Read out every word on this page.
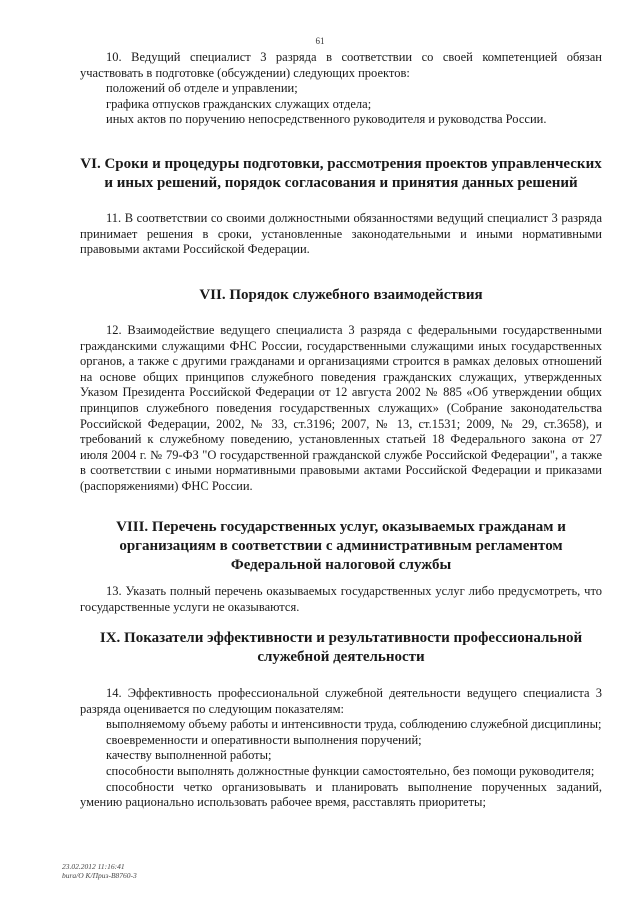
61

10. Ведущий специалист 3 разряда в соответствии со своей компетенцией обязан участвовать в подготовке (обсуждении) следующих проектов:

положений об отделе и управлении;

графика отпусков гражданских служащих отдела;

иных актов по поручению непосредственного руководителя и руководства России.

VI. Сроки и процедуры подготовки, рассмотрения проектов управленческих и иных решений, порядок согласования и принятия данных решений

11. В соответствии со своими должностными обязанностями ведущий специалист 3 разряда принимает решения в сроки, установленные законодательными и иными нормативными правовыми актами Российской Федерации.

VII. Порядок служебного взаимодействия

12. Взаимодействие ведущего специалиста 3 разряда с федеральными государственными гражданскими служащими ФНС России, государственными служащими иных государственных органов, а также с другими гражданами и организациями строится в рамках деловых отношений на основе общих принципов служебного поведения гражданских служащих, утвержденных Указом Президента Российской Федерации от 12 августа 2002 № 885 «Об утверждении общих принципов служебного поведения государственных служащих» (Собрание законодательства Российской Федерации, 2002, № 33, ст.3196; 2007, № 13, ст.1531; 2009, № 29, ст.3658), и требований к служебному поведению, установленных статьей 18 Федерального закона от 27 июля 2004 г. № 79-ФЗ "О государственной гражданской службе Российской Федерации", а также в соответствии с иными нормативными правовыми актами Российской Федерации и приказами (распоряжениями) ФНС России.

VIII. Перечень государственных услуг, оказываемых гражданам и
организациям в соответствии с административным регламентом
Федеральной налоговой службы

13. Указать полный перечень оказываемых государственных услуг либо предусмотреть, что государственные услуги не оказываются.

IX. Показатели эффективности и результативности профессиональной
служебной деятельности

14. Эффективность профессиональной служебной деятельности ведущего специалиста 3 разряда оценивается по следующим показателям:

выполняемому объему работы и интенсивности труда, соблюдению служебной дисциплины;

своевременности и оперативности выполнения поручений;

качеству выполненной работы;

способности выполнять должностные функции самостоятельно, без помощи руководителя;

способности четко организовывать и планировать выполнение порученных заданий, умению рационально использовать рабочее время, расставлять приоритеты;

23.02.2012 11:16:41
bura/О К/Приз-В8760-3
